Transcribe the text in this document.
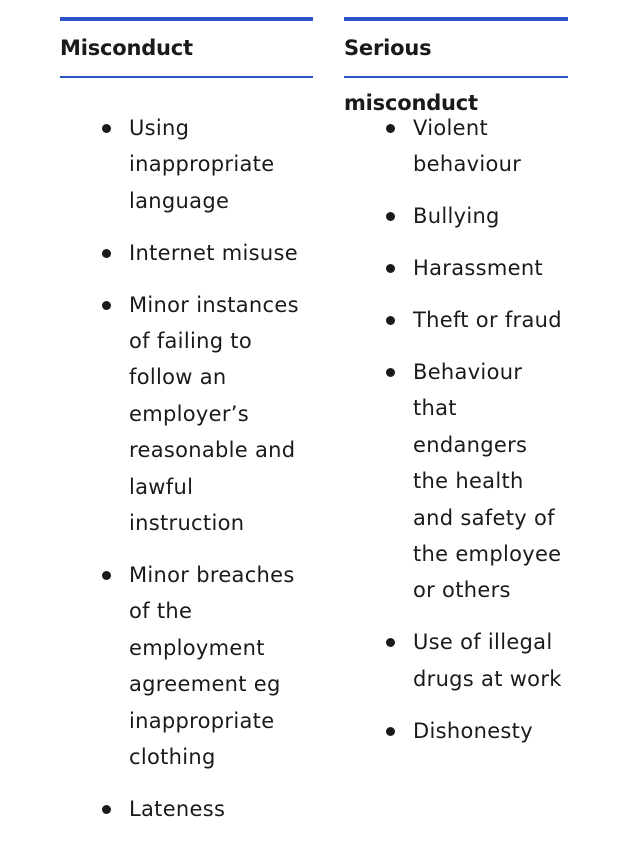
Misconduct
Using inappropriate language
Internet misuse
Minor instances of failing to follow an employer’s reasonable and lawful instruction
Minor breaches of the employment agreement eg inappropriate clothing
Lateness
Serious misconduct
Violent behaviour
Bullying
Harassment
Theft or fraud
Behaviour that endangers the health and safety of the employee or others
Use of illegal drugs at work
Dishonesty
